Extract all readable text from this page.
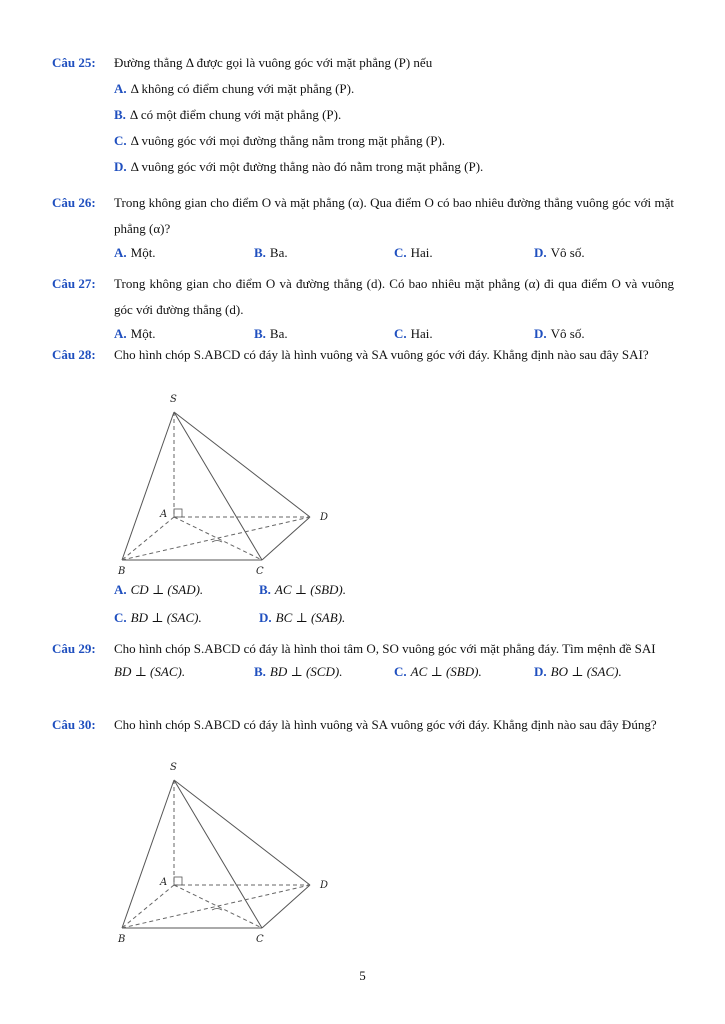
Câu 25: Đường thẳng Δ được gọi là vuông góc với mặt phẳng (P) nếu
A. Δ không có điểm chung với mặt phẳng (P).
B. Δ có một điểm chung với mặt phẳng (P).
C. Δ vuông góc với mọi đường thẳng nằm trong mặt phẳng (P).
D. Δ vuông góc với một đường thẳng nào đó nằm trong mặt phẳng (P).
Câu 26: Trong không gian cho điểm O và mặt phẳng (α). Qua điểm O có bao nhiêu đường thẳng vuông góc với mặt phẳng (α)?
A. Một.	B. Ba.	C. Hai.	D. Vô số.
Câu 27: Trong không gian cho điểm O và đường thẳng (d). Có bao nhiêu mặt phẳng (α) đi qua điểm O và vuông góc với đường thẳng (d).
A. Một.	B. Ba.	C. Hai.	D. Vô số.
Câu 28: Cho hình chóp S.ABCD có đáy là hình vuông và SA vuông góc với đáy. Khẳng định nào sau đây SAI?
S
A
B	C
D
A. CD ⊥ (SAD).	B. AC ⊥ (SBD).
C. BD ⊥ (SAC).	D. BC ⊥ (SAB).
Câu 29: Cho hình chóp S.ABCD có đáy là hình thoi tâm O, SO vuông góc với mặt phẳng đáy. Tìm mệnh đề SAI
BD ⊥ (SAC).	B. BD ⊥ (SCD).	C. AC ⊥ (SBD).	D. BO ⊥ (SAC).
Câu 30: Cho hình chóp S.ABCD có đáy là hình vuông và SA vuông góc với đáy. Khẳng định nào sau đây Đúng?
S
A
B	C
D
5
